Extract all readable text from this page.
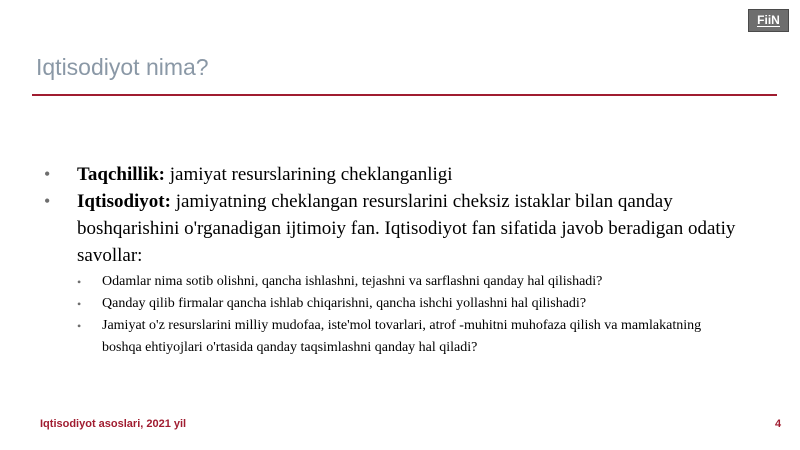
FiiN
Iqtisodiyot nima?
• Taqchillik: jamiyat resurslarining cheklanganligi
• Iqtisodiyot: jamiyatning cheklangan resurslarini cheksiz istaklar bilan qanday boshqarishini o'rganadigan ijtimoiy fan. Iqtisodiyot fan sifatida javob beradigan odatiy savollar:
• Odamlar nima sotib olishni, qancha ishlashni, tejashni va sarflashni qanday hal qilishadi?
• Qanday qilib firmalar qancha ishlab chiqarishni, qancha ishchi yollashni hal qilishadi?
• Jamiyat o'z resurslarini milliy mudofaa, iste'mol tovarlari, atrof -muhitni muhofaza qilish va mamlakatning boshqa ehtiyojlari o'rtasida qanday taqsimlashni qanday hal qiladi?
Iqtisodiyot asoslari, 2021 yil	4
